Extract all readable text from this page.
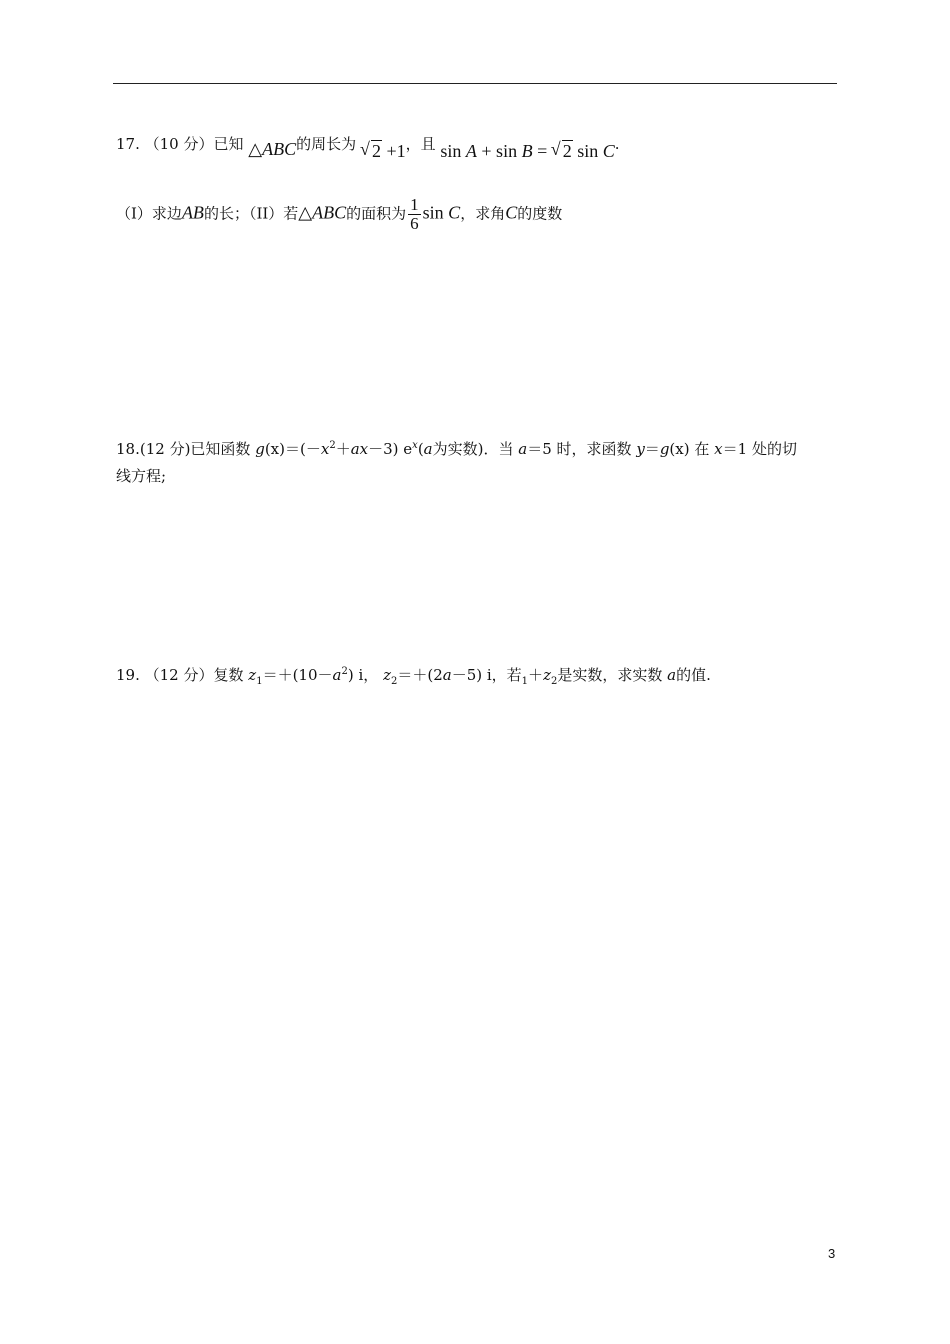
17. （10 分）已知 △ABC的周长为 √ 2 +1，且 sin A + sin B = √ 2 sin C.
（I）求边AB的长；（II）若△ABC的面积为 $\frac{1}{6}$ sin C，求角C的度数
18.(12 分)已知函数 $g(x)=(-x^2+ax-3)$ $e^x(a$为实数)．当 a＝5 时，求函数 y＝g(x) 在 x＝1 处的切
线方程;
19. （12 分）复数 $z_1=+(10-a^2)$ i， $z_2=+(2a-5)$ i，若$_1+z_2$是实数，求实数 a的值.
3
